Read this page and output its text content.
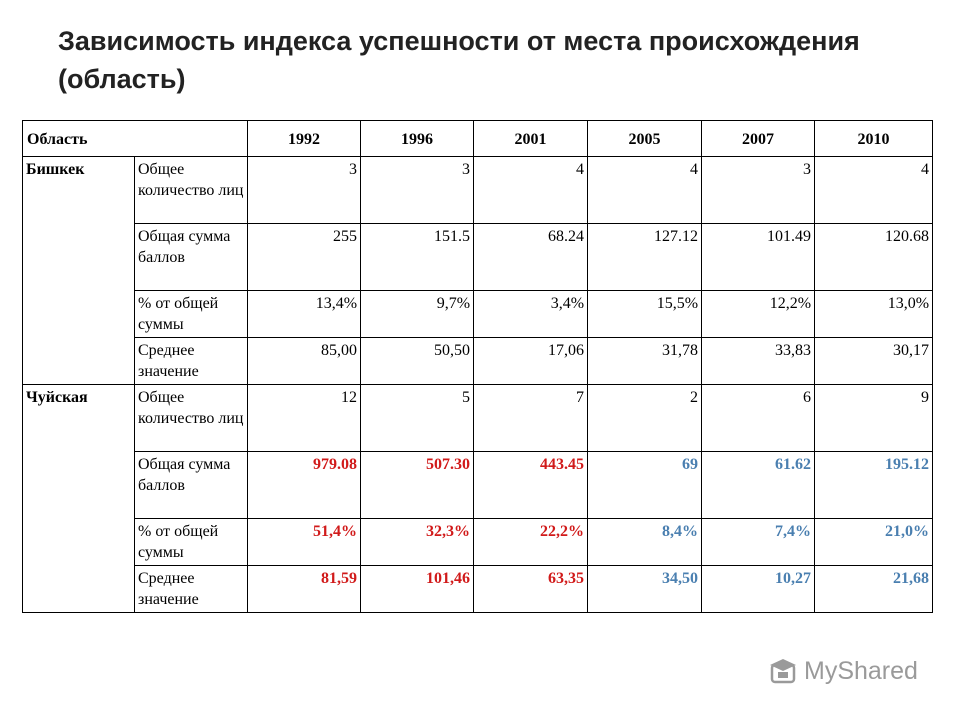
Зависимость индекса успешности от места происхождения (область)
Область		1992	1996	2001	2005	2007	2010
Бишкек	Общее количество лиц	3	3	4	4	3	4
	Общая сумма баллов	255	151.5	68.24	127.12	101.49	120.68
	% от общей суммы	13,4%	9,7%	3,4%	15,5%	12,2%	13,0%
	Среднее значение	85,00	50,50	17,06	31,78	33,83	30,17
Чуйская	Общее количество лиц	12	5	7	2	6	9
	Общая сумма баллов	979.08	507.30	443.45	69	61.62	195.12
	% от общей суммы	51,4%	32,3%	22,2%	8,4%	7,4%	21,0%
	Среднее значение	81,59	101,46	63,35	34,50	10,27	21,68
MyShared
